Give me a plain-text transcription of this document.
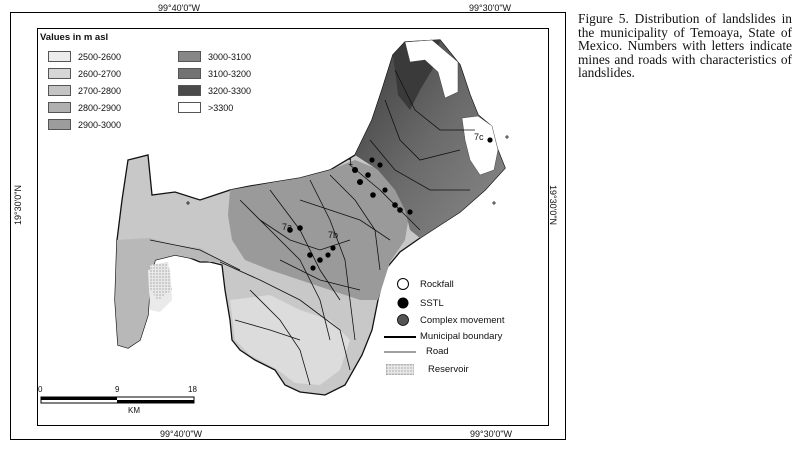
99°40'0"W	99°30'0"W
99°40'0"W	99°30'0"W
19°30'0"N	19°30'0"N
1
7a
7b
7c
Values in m asl
2500-2600
2600-2700
2700-2800
2800-2900
2900-3000
3000-3100
3100-3200
3200-3300
>3300
Rockfall
SSTL
Complex movement
Municipal boundary
Road
Reservoir
0	9	18
KM
Figure 5. Distribution of landslides in the municipality of Temoaya, State of Mexico. Numbers with letters indicate mines and roads with characteristics of landslides.
